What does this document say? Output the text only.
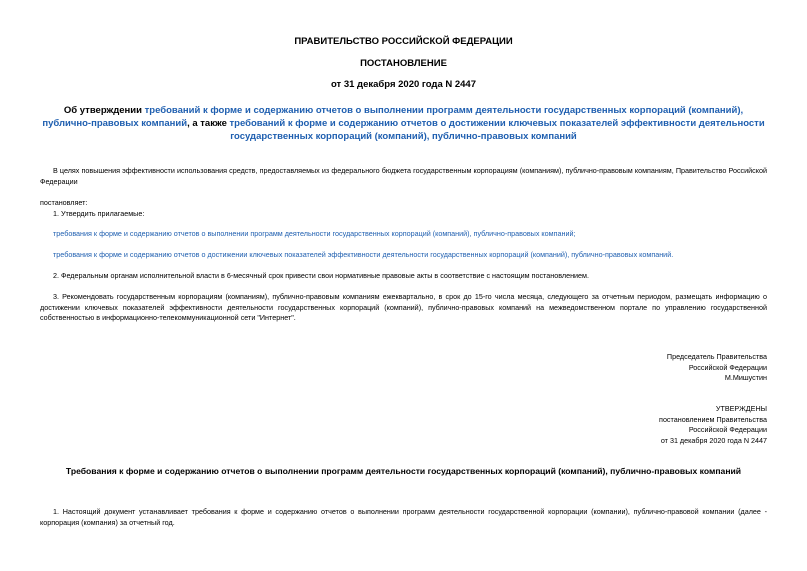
ПРАВИТЕЛЬСТВО РОССИЙСКОЙ ФЕДЕРАЦИИ
ПОСТАНОВЛЕНИЕ
от 31 декабря 2020 года N 2447
Об утверждении требований к форме и содержанию отчетов о выполнении программ деятельности государственных корпораций (компаний), публично-правовых компаний, а также требований к форме и содержанию отчетов о достижении ключевых показателей эффективности деятельности государственных корпораций (компаний), публично-правовых компаний
В целях повышения эффективности использования средств, предоставляемых из федерального бюджета государственным корпорациям (компаниям), публично-правовым компаниям, Правительство Российской Федерации
постановляет:
1. Утвердить прилагаемые:
требования к форме и содержанию отчетов о выполнении программ деятельности государственных корпораций (компаний), публично-правовых компаний;
требования к форме и содержанию отчетов о достижении ключевых показателей эффективности деятельности государственных корпораций (компаний), публично-правовых компаний.
2. Федеральным органам исполнительной власти в 6-месячный срок привести свои нормативные правовые акты в соответствие с настоящим постановлением.
3. Рекомендовать государственным корпорациям (компаниям), публично-правовым компаниям ежеквартально, в срок до 15-го числа месяца, следующего за отчетным периодом, размещать информацию о достижении ключевых показателей эффективности деятельности государственных корпораций (компаний), публично-правовых компаний на межведомственном портале по управлению государственной собственностью в информационно-телекоммуникационной сети "Интернет".
Председатель Правительства
Российской Федерации
М.Мишустин
УТВЕРЖДЕНЫ
постановлением Правительства
Российской Федерации
от 31 декабря 2020 года N 2447
Требования к форме и содержанию отчетов о выполнении программ деятельности государственных корпораций (компаний), публично-правовых компаний
1. Настоящий документ устанавливает требования к форме и содержанию отчетов о выполнении программ деятельности государственной корпорации (компании), публично-правовой компании (далее - корпорация (компания) за отчетный год.
